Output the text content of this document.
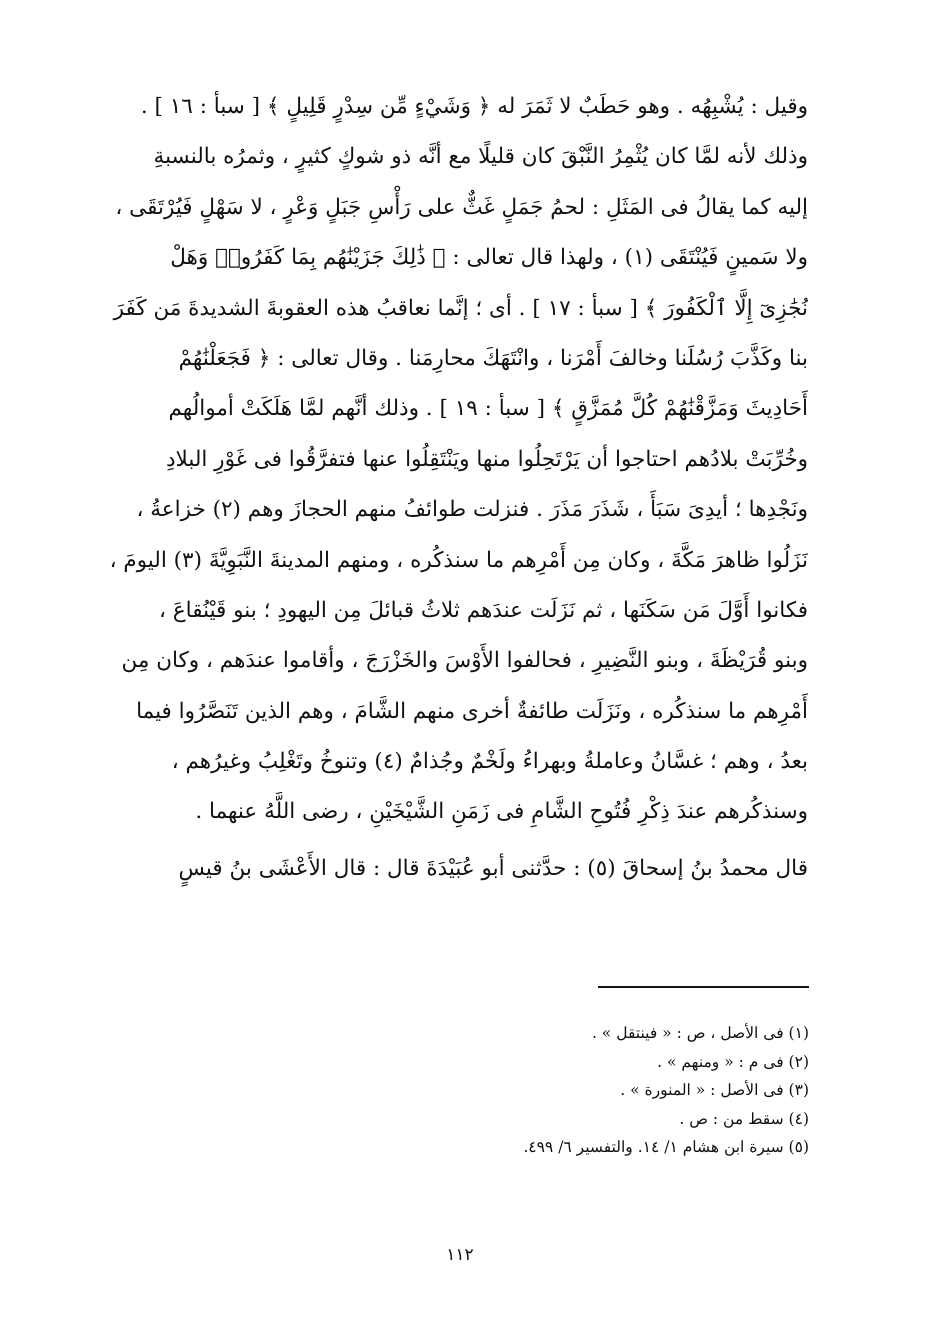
وقيل : يُشْبِهُه . وهو حَطَبٌ لا ثَمَرَ له ﴿ وَشَيْءٍ مِّن سِدْرٍ قَلِيلٍ ﴾ [ سبأ : ١٦ ] .
وذلك لأنه لمَّا كان يُثْمِرُ النَّبْقَ كان قليلًا مع أنَّه ذو شوكٍ كثيرٍ ، وثمرُه بالنسبةِ
إليه كما يقالُ فى المَثَلِ : لحمُ جَمَلٍ غَثٌّ على رَأْسِ جَبَلٍ وَعْرٍ ، لا سَهْلٍ فَيُرْتَقَى ،
ولا سَمينٍ فَيُنْتَقَى (١) ، ولهذا قال تعالى : ﴿ ذَٰلِكَ جَزَيْنَٰهُم بِمَا كَفَرُوا۟ وَهَلْ
نُجَٰزِىٓ إِلَّا ٱلْكَفُورَ ﴾ [ سبأ : ١٧ ] . أى ؛ إنَّما نعاقبُ هذه العقوبةَ الشديدةَ مَن كَفَرَ
بنا وكَذَّبَ رُسُلَنا وخالفَ أَمْرَنا ، وانْتَهَكَ محارِمَنا . وقال تعالى : ﴿ فَجَعَلْنَٰهُمْ
أَحَادِيثَ وَمَزَّقْنَٰهُمْ كُلَّ مُمَزَّقٍ ﴾ [ سبأ : ١٩ ] . وذلك أنَّهم لمَّا هَلَكَتْ أموالُهم
وخُرِّبَتْ بلادُهم احتاجوا أن يَرْتَحِلُوا منها ويَنْتَقِلُوا عنها فتفرَّقُوا فى غَوْرِ البلادِ
ونَجْدِها ؛ أيدِىَ سَبَأَ ، شَذَرَ مَذَرَ . فنزلت طوائفُ منهم الحجازَ وهم (٢) خزاعةُ ،
نَزَلُوا ظاهرَ مَكَّةَ ، وكان مِن أَمْرِهم ما سنذكُره ، ومنهم المدينةَ النَّبَوِيَّةَ (٣) اليومَ ،
فكانوا أَوَّلَ مَن سَكَنَها ، ثم نَزَلَت عندَهم ثلاثُ قبائلَ مِن اليهودِ ؛ بنو قَيْنُقاعَ ،
وبنو قُرَيْظَةَ ، وبنو النَّضِيرِ ، فحالفوا الأَوْسَ والخَزْرَجَ ، وأقاموا عندَهم ، وكان مِن
أَمْرِهم ما سنذكُره ، ونَزَلَت طائفةٌ أخرى منهم الشَّامَ ، وهم الذين تَنَصَّرُوا فيما
بعدُ ، وهم ؛ غسَّانُ وعاملةُ وبهراءُ ولَخْمٌ وجُذامٌ (٤) وتنوخُ وتَغْلِبُ وغيرُهم ،
وسنذكُرهم عندَ ذِكْرِ فُتُوحِ الشَّامِ فى زَمَنِ الشَّيْخَيْنِ ، رضى اللَّهُ عنهما .
قال محمدُ بنُ إسحاقَ (٥) : حدَّثنى أبو عُبَيْدَةَ قال : قال الأَعْشَى بنُ قيسٍ
(١) فى الأصل ، ص : « فينتقل » .
(٢) فى م : « ومنهم » .
(٣) فى الأصل : « المنورة » .
(٤) سقط من : ص .
(٥) سيرة ابن هشام ١/ ١٤. والتفسير ٦/ ٤٩٩.
١١٢
